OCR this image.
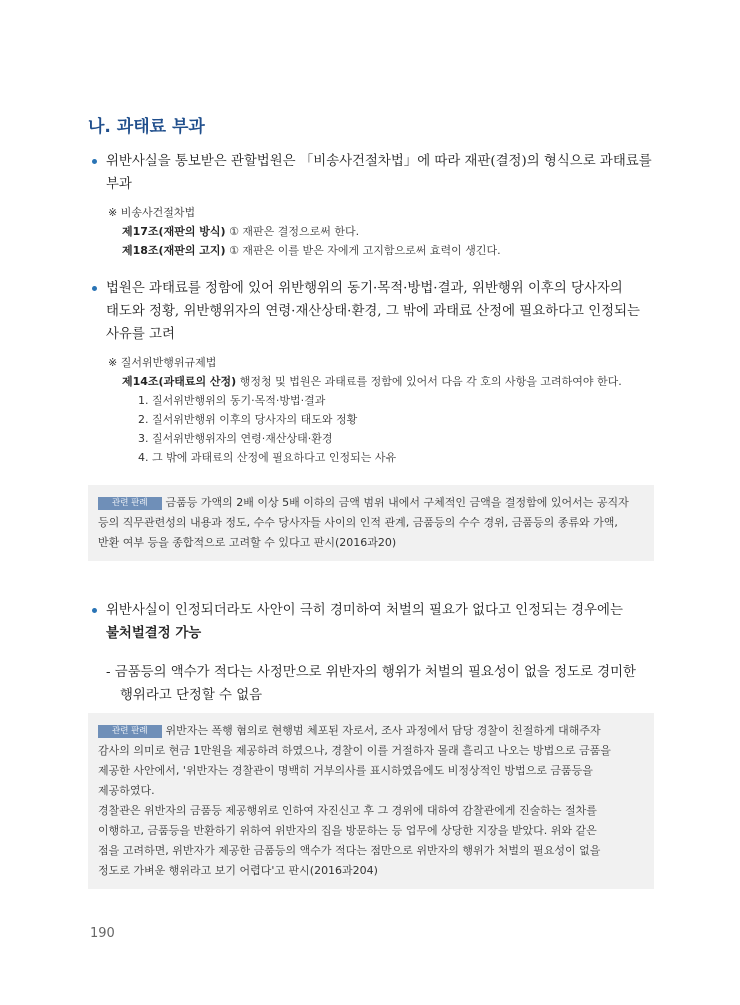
나. 과태료 부과
위반사실을 통보받은 관할법원은 「비송사건절차법」에 따라 재판(결정)의 형식으로 과태료를
부과
※ 비송사건절차법
제17조(재판의 방식) ① 재판은 결정으로써 한다.
제18조(재판의 고지) ① 재판은 이를 받은 자에게 고지함으로써 효력이 생긴다.
법원은 과태료를 정함에 있어 위반행위의 동기·목적·방법·결과, 위반행위 이후의 당사자의
태도와 정황, 위반행위자의 연령·재산상태·환경, 그 밖에 과태료 산정에 필요하다고 인정되는
사유를 고려
※ 질서위반행위규제법
제14조(과태료의 산정) 행정청 및 법원은 과태료를 정함에 있어서 다음 각 호의 사항을 고려하여야 한다.
1. 질서위반행위의 동기·목적·방법·결과
2. 질서위반행위 이후의 당사자의 태도와 정황
3. 질서위반행위자의 연령·재산상태·환경
4. 그 밖에 과태료의 산정에 필요하다고 인정되는 사유
관련 판례 금품등 가액의 2배 이상 5배 이하의 금액 범위 내에서 구체적인 금액을 결정함에 있어서는 공직자
등의 직무관련성의 내용과 정도, 수수 당사자들 사이의 인적 관계, 금품등의 수수 경위, 금품등의 종류와 가액,
반환 여부 등을 종합적으로 고려할 수 있다고 판시(2016과20)
위반사실이 인정되더라도 사안이 극히 경미하여 처벌의 필요가 없다고 인정되는 경우에는
불처벌결정 가능
- 금품등의 액수가 적다는 사정만으로 위반자의 행위가 처벌의 필요성이 없을 정도로 경미한
행위라고 단정할 수 없음
관련 판례 위반자는 폭행 혐의로 현행범 체포된 자로서, 조사 과정에서 담당 경찰이 친절하게 대해주자
감사의 의미로 현금 1만원을 제공하려 하였으나, 경찰이 이를 거절하자 몰래 흘리고 나오는 방법으로 금품을
제공한 사안에서, '위반자는 경찰관이 명백히 거부의사를 표시하였음에도 비정상적인 방법으로 금품등을
제공하였다.
경찰관은 위반자의 금품등 제공행위로 인하여 자진신고 후 그 경위에 대하여 감찰관에게 진술하는 절차를
이행하고, 금품등을 반환하기 위하여 위반자의 집을 방문하는 등 업무에 상당한 지장을 받았다. 위와 같은
점을 고려하면, 위반자가 제공한 금품등의 액수가 적다는 점만으로 위반자의 행위가 처벌의 필요성이 없을
정도로 가벼운 행위라고 보기 어렵다'고 판시(2016과204)
190
